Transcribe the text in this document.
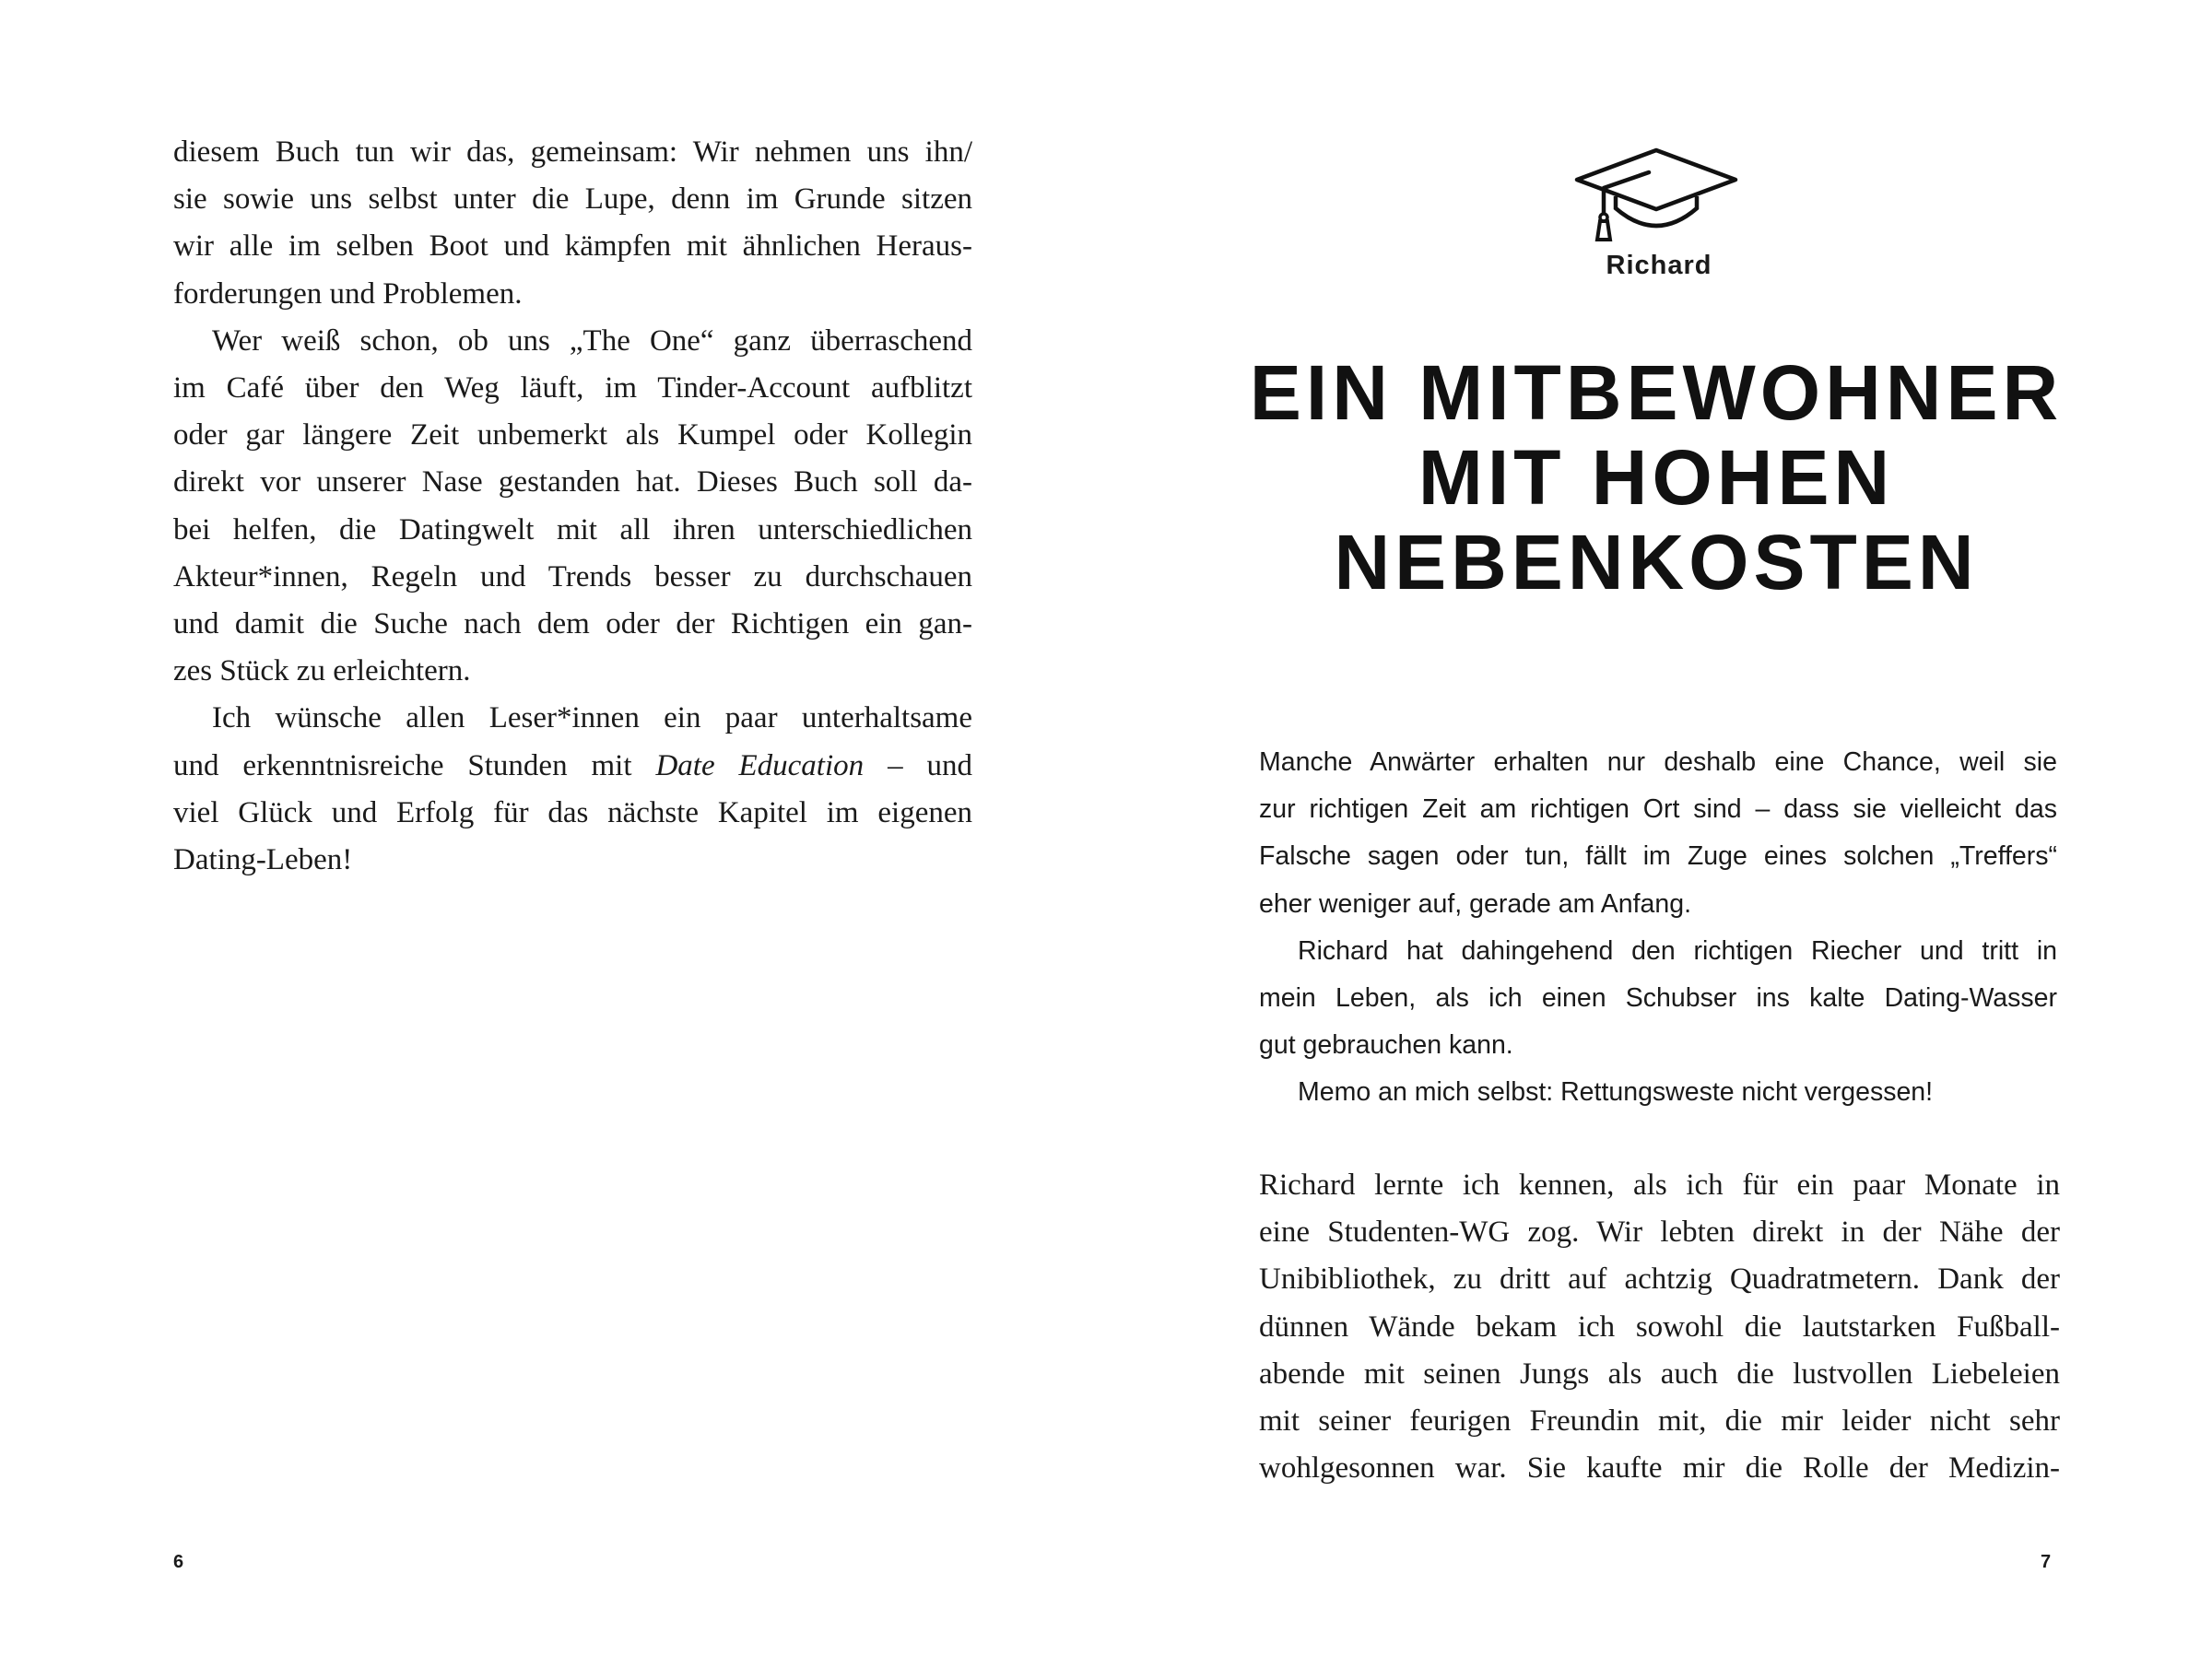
diesem Buch tun wir das, gemeinsam: Wir nehmen uns ihn/
sie sowie uns selbst unter die Lupe, denn im Grunde sitzen
wir alle im selben Boot und kämpfen mit ähnlichen Heraus-
forderungen und Problemen.
Wer weiß schon, ob uns „The One“ ganz überraschend
im Café über den Weg läuft, im Tinder-Account aufblitzt
oder gar längere Zeit unbemerkt als Kumpel oder Kollegin
direkt vor unserer Nase gestanden hat. Dieses Buch soll da-
bei helfen, die Datingwelt mit all ihren unterschiedlichen
Akteur*innen, Regeln und Trends besser zu durchschauen
und damit die Suche nach dem oder der Richtigen ein gan-
zes Stück zu erleichtern.
Ich wünsche allen Leser*innen ein paar unterhaltsame
und erkenntnisreiche Stunden mit Date Education – und
viel Glück und Erfolg für das nächste Kapitel im eigenen
Dating-Leben!
6
Richard
EIN MITBEWOHNER
MIT HOHEN
NEBENKOSTEN
Manche Anwärter erhalten nur deshalb eine Chance, weil sie
zur richtigen Zeit am richtigen Ort sind – dass sie vielleicht das
Falsche sagen oder tun, fällt im Zuge eines solchen „Treffers“
eher weniger auf, gerade am Anfang.
Richard hat dahingehend den richtigen Riecher und tritt in
mein Leben, als ich einen Schubser ins kalte Dating-Wasser
gut gebrauchen kann.
Memo an mich selbst: Rettungsweste nicht vergessen!
Richard lernte ich kennen, als ich für ein paar Monate in
eine Studenten-WG zog. Wir lebten direkt in der Nähe der
Unibibliothek, zu dritt auf achtzig Quadratmetern. Dank der
dünnen Wände bekam ich sowohl die lautstarken Fußball-
abende mit seinen Jungs als auch die lustvollen Liebeleien
mit seiner feurigen Freundin mit, die mir leider nicht sehr
wohlgesonnen war. Sie kaufte mir die Rolle der Medizin-
7
